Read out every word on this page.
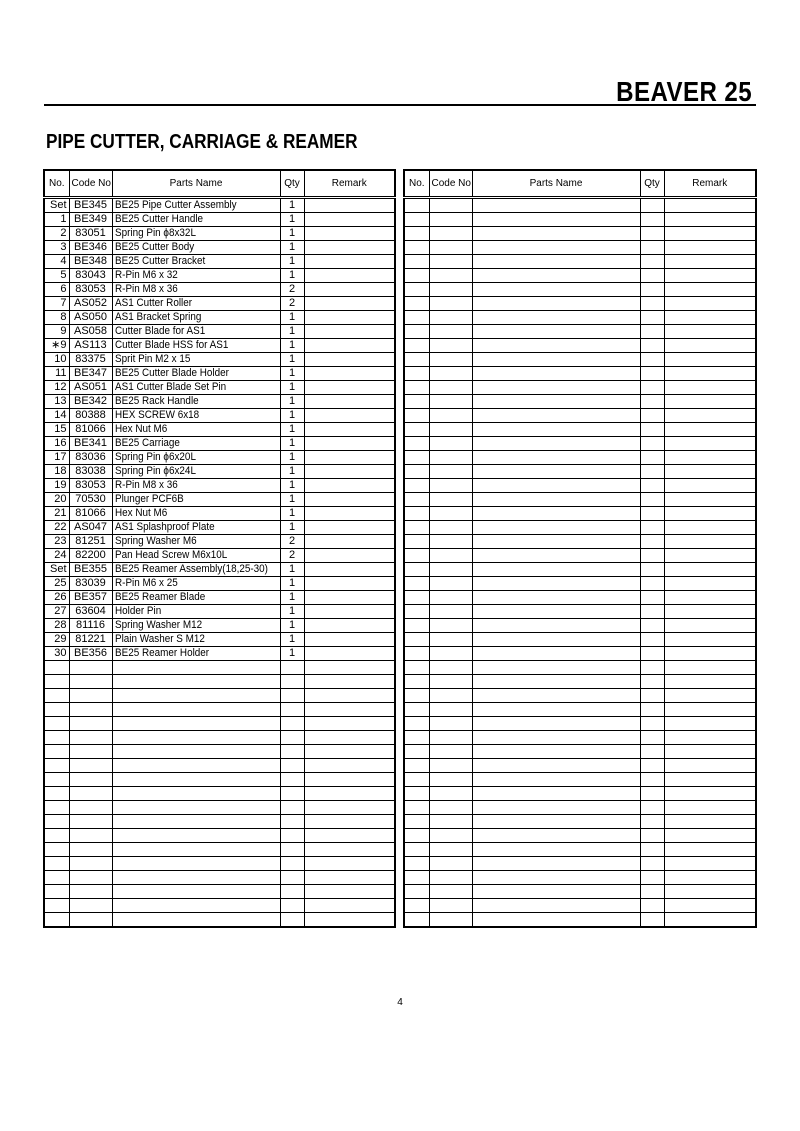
BEAVER 25
PIPE CUTTER, CARRIAGE & REAMER
No.	Code No	Parts Name	Qty	Remark
Set	BE345	BE25 Pipe Cutter Assembly	1	
1	BE349	BE25 Cutter Handle	1	
2	83051	Spring Pin ϕ8x32L	1	
3	BE346	BE25 Cutter Body	1	
4	BE348	BE25 Cutter Bracket	1	
5	83043	R-Pin M6 x 32	1	
6	83053	R-Pin M8 x 36	2	
7	AS052	AS1 Cutter Roller	2	
8	AS050	AS1 Bracket Spring	1	
9	AS058	Cutter Blade for AS1	1	
∗9	AS113	Cutter Blade HSS for AS1	1	
10	83375	Sprit Pin M2 x 15	1	
11	BE347	BE25 Cutter Blade Holder	1	
12	AS051	AS1 Cutter Blade Set Pin	1	
13	BE342	BE25 Rack Handle	1	
14	80388	HEX SCREW 6x18	1	
15	81066	Hex Nut M6	1	
16	BE341	BE25 Carriage	1	
17	83036	Spring Pin ϕ6x20L	1	
18	83038	Spring Pin ϕ6x24L	1	
19	83053	R-Pin M8 x 36	1	
20	70530	Plunger PCF6B	1	
21	81066	Hex Nut M6	1	
22	AS047	AS1 Splashproof Plate	1	
23	81251	Spring Washer M6	2	
24	82200	Pan Head Screw M6x10L	2	
Set	BE355	BE25 Reamer Assembly(18,25-30)	1	
25	83039	R-Pin M6 x 25	1	
26	BE357	BE25 Reamer Blade	1	
27	63604	Holder Pin	1	
28	81116	Spring Washer M12	1	
29	81221	Plain Washer S M12	1	
30	BE356	BE25 Reamer Holder	1	

No.	Code No	Parts Name	Qty	Remark

4
